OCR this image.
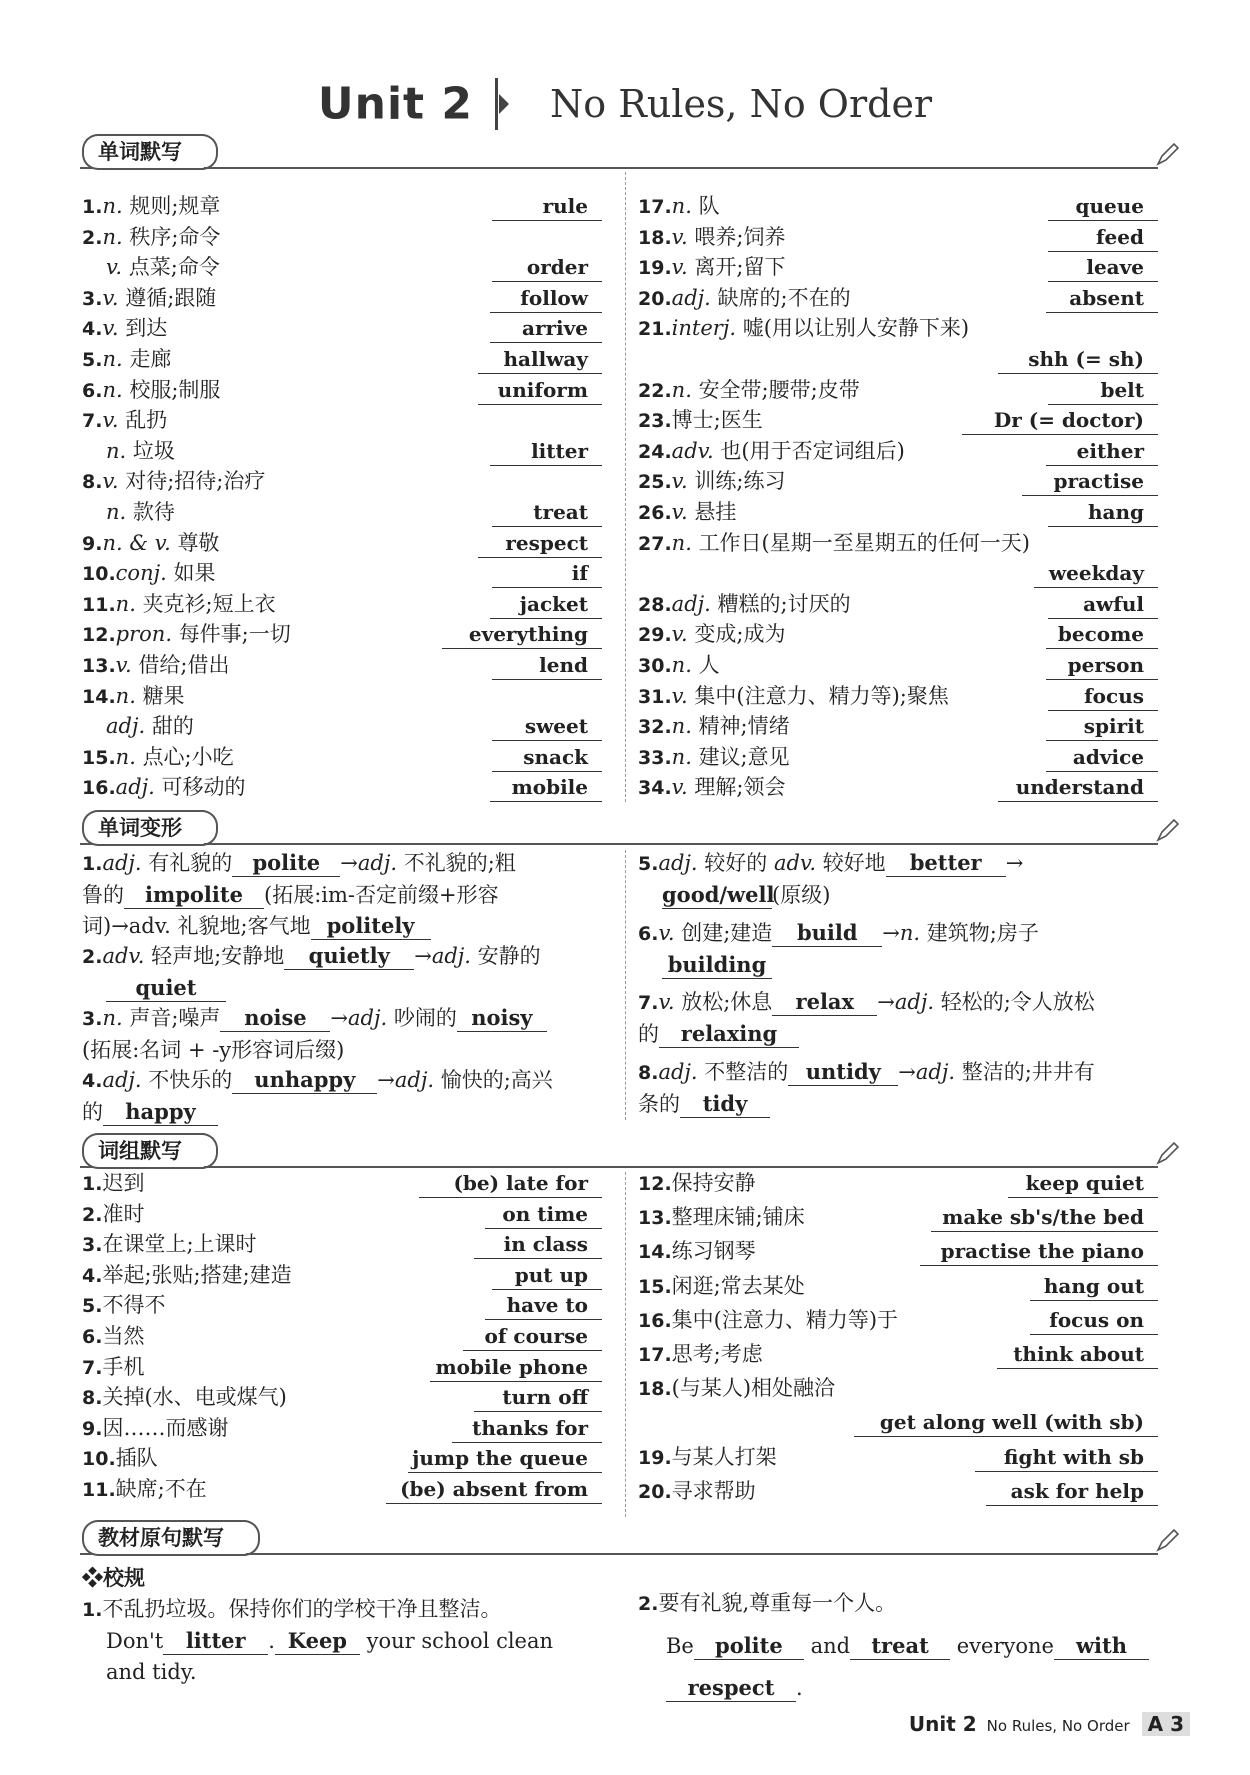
Unit 2 No Rules, No Order
单词默写
1.n. 规则;规章	rule
2.n. 秩序;命令
v. 点菜;命令	order
3.v. 遵循;跟随	follow
4.v. 到达	arrive
5.n. 走廊	hallway
6.n. 校服;制服	uniform
7.v. 乱扔
n. 垃圾	litter
8.v. 对待;招待;治疗
n. 款待	treat
9.n. & v. 尊敬	respect
10.conj. 如果	if
11.n. 夹克衫;短上衣	jacket
12.pron. 每件事;一切	everything
13.v. 借给;借出	lend
14.n. 糖果
adj. 甜的	sweet
15.n. 点心;小吃	snack
16.adj. 可移动的	mobile
17.n. 队	queue
18.v. 喂养;饲养	feed
19.v. 离开;留下	leave
20.adj. 缺席的;不在的	absent
21.interj. 嘘(用以让别人安静下来)
shh (= sh)
22.n. 安全带;腰带;皮带	belt
23.博士;医生	Dr (= doctor)
24.adv. 也(用于否定词组后)	either
25.v. 训练;练习	practise
26.v. 悬挂	hang
27.n. 工作日(星期一至星期五的任何一天)
weekday
28.adj. 糟糕的;讨厌的	awful
29.v. 变成;成为	become
30.n. 人	person
31.v. 集中(注意力、精力等);聚焦	focus
32.n. 精神;情绪	spirit
33.n. 建议;意见	advice
34.v. 理解;领会	understand
单词变形
1.adj. 有礼貌的 polite →adj. 不礼貌的;粗
鲁的 impolite (拓展:im-否定前缀+形容
词)→adv. 礼貌地;客气地 politely
2.adv. 轻声地;安静地 quietly →adj. 安静的
quiet
3.n. 声音;噪声 noise →adj. 吵闹的 noisy
(拓展:名词 + -y形容词后缀)
4.adj. 不快乐的 unhappy →adj. 愉快的;高兴
的 happy
5.adj. 较好的 adv. 较好地 better →
good/well(原级)
6.v. 创建;建造 build →n. 建筑物;房子
building
7.v. 放松;休息 relax →adj. 轻松的;令人放松
的 relaxing
8.adj. 不整洁的 untidy →adj. 整洁的;井井有
条的 tidy
词组默写
1.迟到	(be) late for
2.准时	on time
3.在课堂上;上课时	in class
4.举起;张贴;搭建;建造	put up
5.不得不	have to
6.当然	of course
7.手机	mobile phone
8.关掉(水、电或煤气)	turn off
9.因……而感谢	thanks for
10.插队	jump the queue
11.缺席;不在	(be) absent from
12.保持安静	keep quiet
13.整理床铺;铺床	make sb's/the bed
14.练习钢琴	practise the piano
15.闲逛;常去某处	hang out
16.集中(注意力、精力等)于	focus on
17.思考;考虑	think about
18.(与某人)相处融洽
get along well (with sb)
19.与某人打架	fight with sb
20.寻求帮助	ask for help
教材原句默写
❖校规
1.不乱扔垃圾。保持你们的学校干净且整洁。
Don't litter . Keep your school clean
and tidy.
2.要有礼貌,尊重每一个人。
Be polite and treat everyone with
respect .
Unit 2 No Rules, No Order A 3
